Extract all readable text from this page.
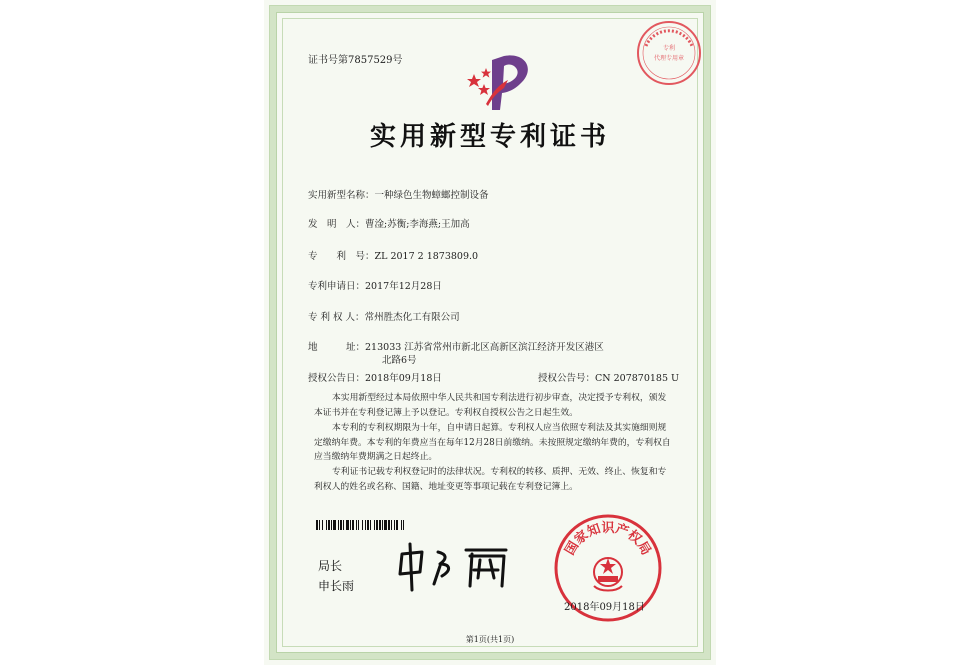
证书号第7857529号
专利
代理专用章
实用新型专利证书
实用新型名称：一种绿色生物蟑螂控制设备
发　明　人：曹淦;苏衡;李海燕;王加高
专　　利　号：ZL 2017 2 1873809.0
专利申请日：2017年12月28日
专 利 权 人：常州胜杰化工有限公司
地　　　址：213033 江苏省常州市新北区高新区滨江经济开发区港区
北路6号
授权公告日：2018年09月18日	授权公告号：CN 207870185 U
本实用新型经过本局依照中华人民共和国专利法进行初步审查，决定授予专利权，颁发本证书并在专利登记簿上予以登记。专利权自授权公告之日起生效。
本专利的专利权期限为十年，自申请日起算。专利权人应当依照专利法及其实施细则规定缴纳年费。本专利的年费应当在每年12月28日前缴纳。未按照规定缴纳年费的，专利权自应当缴纳年费期满之日起终止。
专利证书记载专利权登记时的法律状况。专利权的转移、质押、无效、终止、恢复和专利权人的姓名或名称、国籍、地址变更等事项记载在专利登记簿上。
局长
申长雨
国家知识产权局
2018年09月18日
第1页(共1页)
